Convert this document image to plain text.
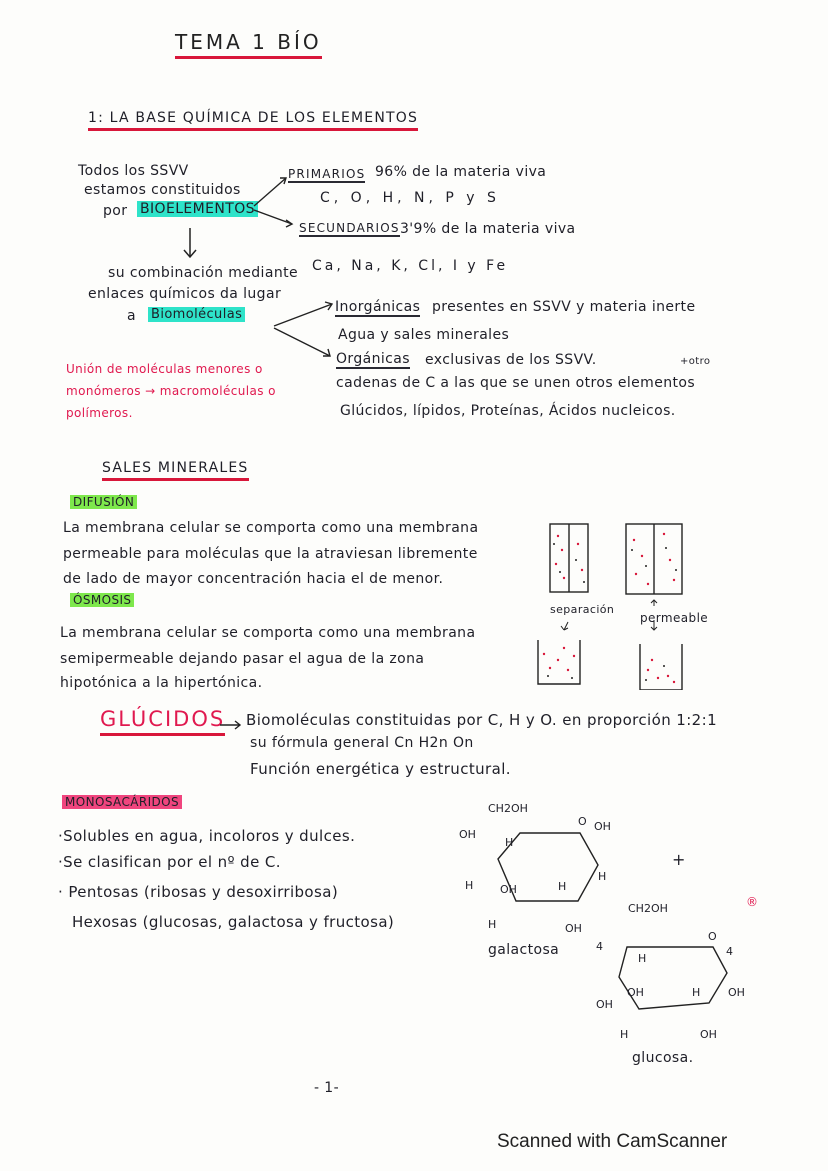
TEMA 1 BÍO
1: LA BASE QUÍMICA DE LOS ELEMENTOS
Todos los SSVV
estamos constituidos
por BIOELEMENTOS
PRIMARIOS 96% de la materia viva
C, O, H, N, P y S
SECUNDARIOS 3'9% de la materia viva
Ca, Na, K, Cl, I y Fe
su combinación mediante
enlaces químicos da lugar
a Biomoléculas	Inorgánicas presentes en SSVV y materia inerte
Agua y sales minerales
Orgánicas exclusivas de los SSVV.	+otro
cadenas de C a las que se unen otros elementos
Glúcidos, lípidos, Proteínas, Ácidos nucleicos.
Unión de moléculas menores o
monómeros → macromoléculas o
polímeros.
SALES MINERALES
DIFUSIÓN
La membrana celular se comporta como una membrana
permeable para moléculas que la atraviesan libremente
de lado de mayor concentración hacia el de menor.
ÓSMOSIS
La membrana celular se comporta como una membrana
semipermeable dejando pasar el agua de la zona
hipotónica a la hipertónica.
separación
permeable
GLÚCIDOS Biomoléculas constituidas por C, H y O. en proporción 1:2:1
su fórmula general Cn H2n On
Función energética y estructural.
MONOSACÁRIDOS
·Solubles en agua, incoloros y dulces.
·Se clasifican por el nº de C.
· Pentosas (ribosas y desoxirribosa)
Hexosas (glucosas, galactosa y fructosa)
CH2OH
O OH
OH
H
H OH	H
H
H	OH
galactosa
+
®
CH2OH
O
4	4
H
OH	H	OH
OH
H	OH
glucosa.
- 1-
Scanned with CamScanner
